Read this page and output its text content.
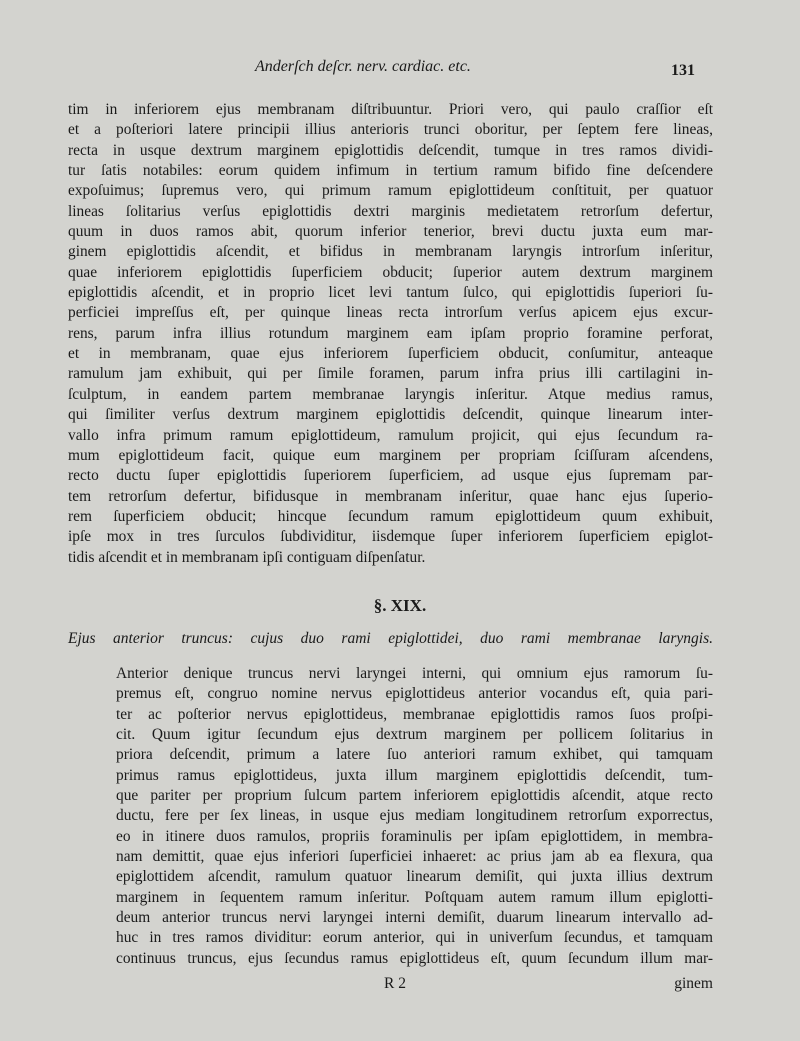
Anderſch deſcr. nerv. cardiac. etc.	131
tim in inferiorem ejus membranam diſtribuuntur. Priori vero, qui paulo craſſior eſt
et a poſteriori latere principii illius anterioris trunci oboritur, per ſeptem fere lineas,
recta in usque dextrum marginem epiglottidis deſcendit, tumque in tres ramos dividi-
tur ſatis notabiles: eorum quidem infimum in tertium ramum bifido fine deſcendere
expoſuimus; ſupremus vero, qui primum ramum epiglottideum conſtituit, per quatuor
lineas ſolitarius verſus epiglottidis dextri marginis medietatem retrorſum defertur,
quum in duos ramos abit, quorum inferior tenerior, brevi ductu juxta eum mar-
ginem epiglottidis aſcendit, et bifidus in membranam laryngis introrſum inſeritur,
quae inferiorem epiglottidis ſuperficiem obducit; ſuperior autem dextrum marginem
epiglottidis aſcendit, et in proprio licet levi tantum ſulco, qui epiglottidis ſuperiori ſu-
perficiei impreſſus eſt, per quinque lineas recta introrſum verſus apicem ejus excur-
rens, parum infra illius rotundum marginem eam ipſam proprio foramine perforat,
et in membranam, quae ejus inferiorem ſuperficiem obducit, conſumitur, anteaque
ramulum jam exhibuit, qui per ſimile foramen, parum infra prius illi cartilagini in-
ſculptum, in eandem partem membranae laryngis inſeritur. Atque medius ramus,
qui ſimiliter verſus dextrum marginem epiglottidis deſcendit, quinque linearum inter-
vallo infra primum ramum epiglottideum, ramulum projicit, qui ejus ſecundum ra-
mum epiglottideum facit, quique eum marginem per propriam ſciſſuram aſcendens,
recto ductu ſuper epiglottidis ſuperiorem ſuperficiem, ad usque ejus ſupremam par-
tem retrorſum defertur, bifidusque in membranam inſeritur, quae hanc ejus ſuperio-
rem ſuperficiem obducit; hincque ſecundum ramum epiglottideum quum exhibuit,
ipſe mox in tres ſurculos ſubdividitur, iisdemque ſuper inferiorem ſuperficiem epiglot-
tidis aſcendit et in membranam ipſi contiguam diſpenſatur.
§. XIX.
Ejus anterior truncus: cujus duo rami epiglottidei, duo rami membranae laryngis.
Anterior denique truncus nervi laryngei interni, qui omnium ejus ramorum ſu-
premus eſt, congruo nomine nervus epiglottideus anterior vocandus eſt, quia pari-
ter ac poſterior nervus epiglottideus, membranae epiglottidis ramos ſuos proſpi-
cit. Quum igitur ſecundum ejus dextrum marginem per pollicem ſolitarius in
priora deſcendit, primum a latere ſuo anteriori ramum exhibet, qui tamquam
primus ramus epiglottideus, juxta illum marginem epiglottidis deſcendit, tum-
que pariter per proprium ſulcum partem inferiorem epiglottidis aſcendit, atque recto
ductu, fere per ſex lineas, in usque ejus mediam longitudinem retrorſum exporrectus,
eo in itinere duos ramulos, propriis foraminulis per ipſam epiglottidem, in membra-
nam demittit, quae ejus inferiori ſuperficiei inhaeret: ac prius jam ab ea flexura, qua
epiglottidem aſcendit, ramulum quatuor linearum demiſit, qui juxta illius dextrum
marginem in ſequentem ramum inſeritur. Poſtquam autem ramum illum epiglotti-
deum anterior truncus nervi laryngei interni demiſit, duarum linearum intervallo ad-
huc in tres ramos dividitur: eorum anterior, qui in univerſum ſecundus, et tamquam
continuus truncus, ejus ſecundus ramus epiglottideus eſt, quum ſecundum illum mar-
R 2	ginem
